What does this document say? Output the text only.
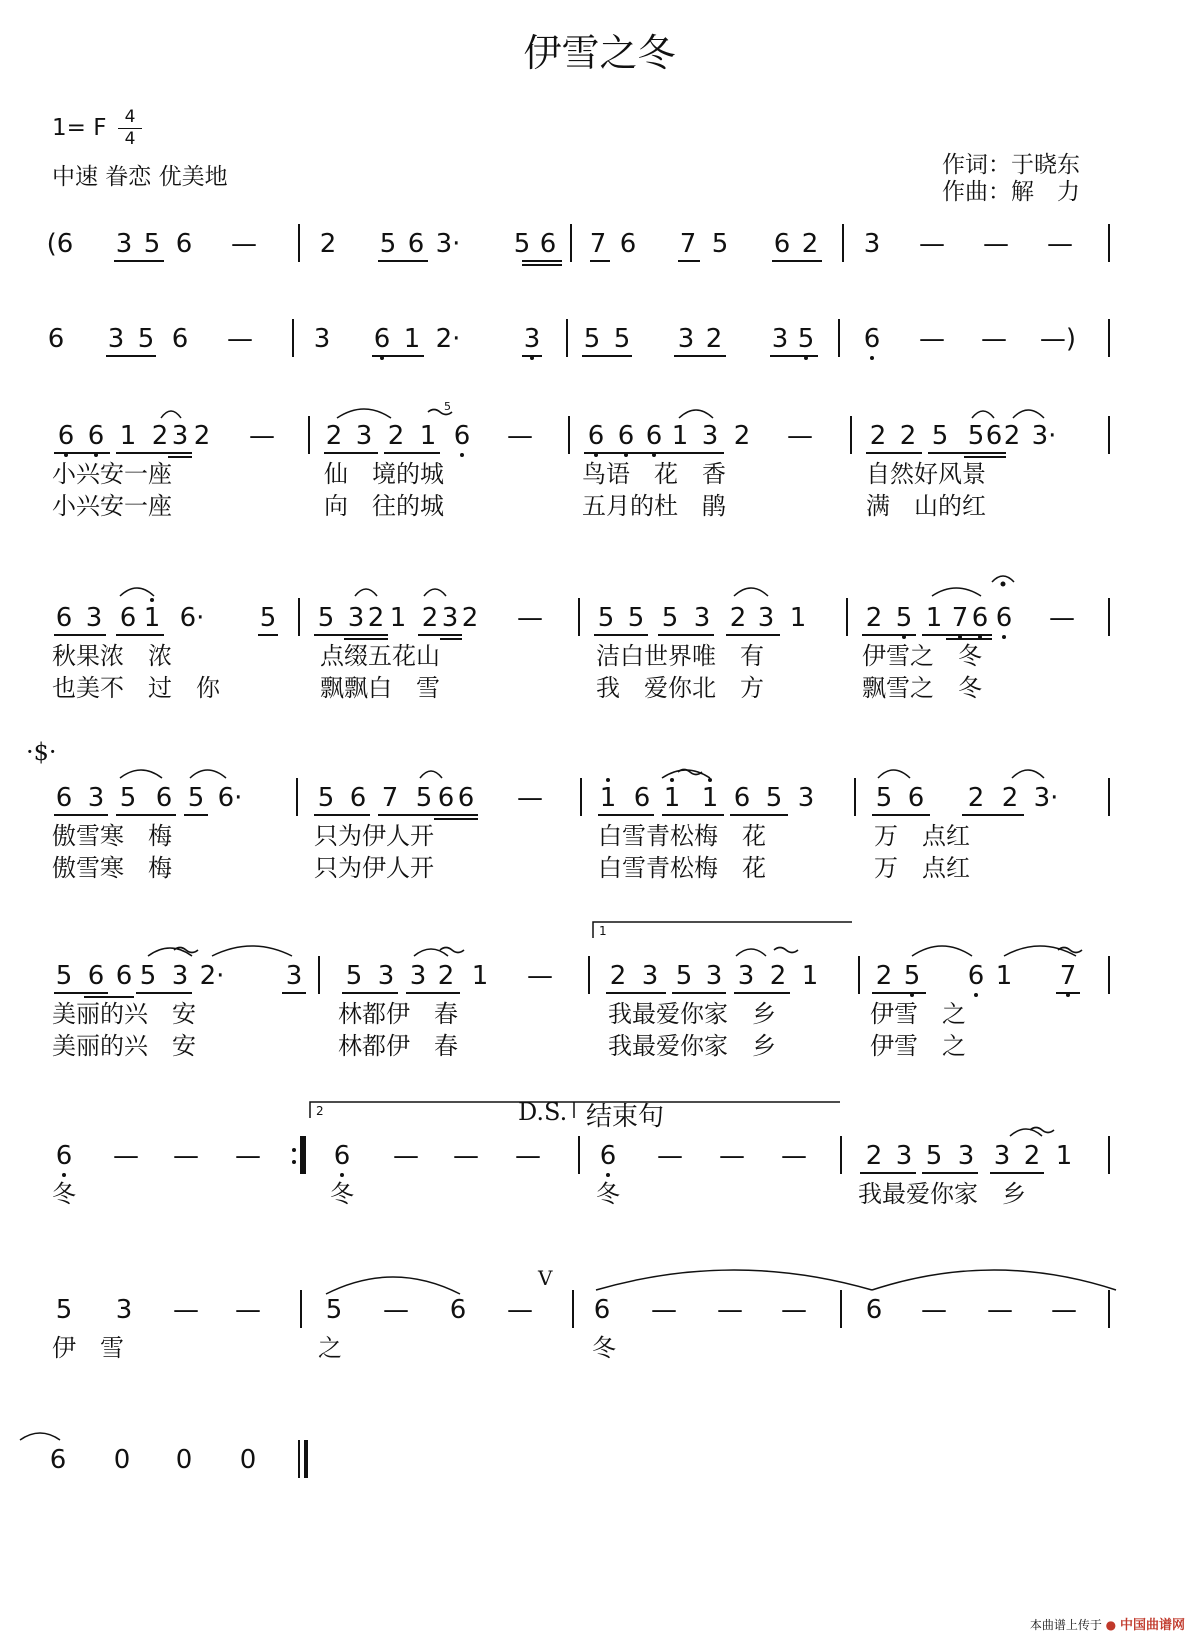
伊雪之冬
1= F	4
4
中速 眷恋 优美地	作词：于晓东
作曲：解　力
(6	3 5 6	—	2	5 6 3·	5 6	7 6	7 5	6 2	3	—	—	—
6	3 5 6	—	3	6 1 2·	3	5 5	3 2	3 5	6	—	—	—)
6 6 1 2 3 2	—	2 3 2 1 6	—	6 6 6 1 3 2	—	2 2 5 5 6 2 3·
小兴安一座	仙　境的城	鸟语　花　香	自然好风景
小兴安一座	向　往的城	五月的杜　鹃	满　山的红
6 3 6 1 6·	5	5 3 2 1 2 3 2	—	5 5 5 3 2 3 1	2 5 1 7 6 6	—
秋果浓　浓	点缀五花山	洁白世界唯　有	伊雪之　冬
也美不　过　你	飘飘白　雪	我　爱你北　方	飘雪之　冬
6 3 5 6 5 6·	5 6 7 5 6 6	—	1 6 1 1 6 5 3	5 6	2 2 3·
傲雪寒　梅	只为伊人开	白雪青松梅　花	万　点红
傲雪寒　梅	只为伊人开	白雪青松梅　花	万　点红
5 6 6 5 3 2·	3	5 3 3 2 1	—	2 3 5 3 3 2 1	2 5	6 1	7
美丽的兴　安	林都伊　春	我最爱你家　乡	伊雪　之
美丽的兴　安	林都伊　春	我最爱你家　乡	伊雪　之
6	—	—	—	6	—	—	—	6	—	—	—	2 3 5 3 3 2 1
冬	冬	冬	我最爱你家　乡
5	3	—	—	5	—	6	—	6	—	—	—	6	—	—	—
伊　雪	之	冬
6	0	0	0
·$·
D.S. 结束句
1
2
V
5
本曲谱上传于 ● 中国曲谱网
